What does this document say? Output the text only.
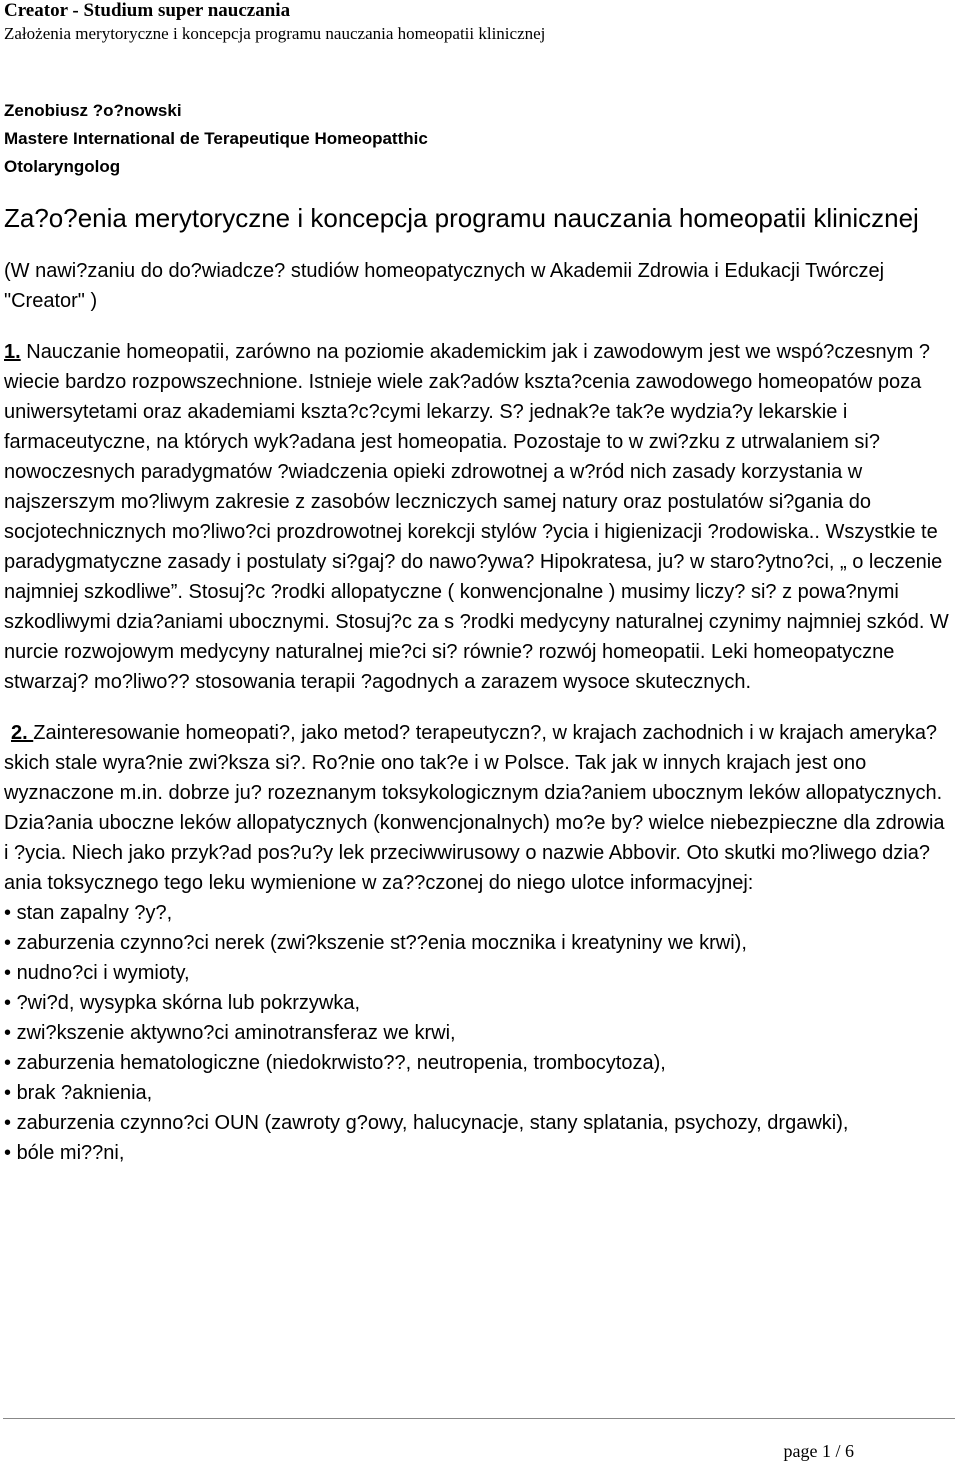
Creator - Studium super nauczania

Założenia merytoryczne i koncepcja programu nauczania homeopatii klinicznej

Zenobiusz ?o?nowski

Mastere International de Terapeutique Homeopatthic

Otolaryngolog

Za?o?enia merytoryczne i koncepcja programu nauczania homeopatii klinicznej

(W nawi?zaniu do do?wiadcze? studiów homeopatycznych w Akademii Zdrowia i Edukacji Twórczej "Creator" )

1. Nauczanie homeopatii, zarówno na poziomie akademickim jak i zawodowym jest we wspó?czesnym ?wiecie bardzo rozpowszechnione. Istnieje wiele zak?adów kszta?cenia zawodowego homeopatów poza uniwersytetami oraz akademiami kszta?c?cymi lekarzy. S? jednak?e tak?e wydzia?y lekarskie i farmaceutyczne, na których wyk?adana jest homeopatia. Pozostaje to w zwi?zku z utrwalaniem si? nowoczesnych paradygmatów ?wiadczenia opieki zdrowotnej a w?ród nich zasady korzystania w najszerszym mo?liwym zakresie z zasobów leczniczych samej natury oraz postulatów si?gania do socjotechnicznych mo?liwo?ci prozdrowotnej korekcji stylów ?ycia i higienizacji ?rodowiska.. Wszystkie te paradygmatyczne zasady i postulaty si?gaj? do nawo?ywa? Hipokratesa, ju? w staro?ytno?ci, „ o leczenie najmniej szkodliwe”. Stosuj?c ?rodki allopatyczne ( konwencjonalne ) musimy liczy? si? z powa?nymi szkodliwymi dzia?aniami ubocznymi. Stosuj?c za s ?rodki medycyny naturalnej czynimy najmniej szkód. W nurcie rozwojowym medycyny naturalnej mie?ci si? równie? rozwój homeopatii. Leki homeopatyczne stwarzaj? mo?liwo?? stosowania terapii ?agodnych a zarazem wysoce skutecznych.

2. Zainteresowanie homeopati?, jako metod? terapeutyczn?, w krajach zachodnich i w krajach ameryka?skich stale wyra?nie zwi?ksza si?. Ro?nie ono tak?e i w Polsce. Tak jak w innych krajach jest ono wyznaczone m.in. dobrze ju? rozeznanym toksykologicznym dzia?aniem ubocznym leków allopatycznych. Dzia?ania uboczne leków allopatycznych (konwencjonalnych) mo?e by? wielce niebezpieczne dla zdrowia i ?ycia. Niech jako przyk?ad pos?u?y lek przeciwwirusowy o nazwie Abbovir. Oto skutki mo?liwego dzia?ania toksycznego tego leku wymienione w za??czonej do niego ulotce informacyjnej:

• stan zapalny ?y?,
• zaburzenia czynno?ci nerek (zwi?kszenie st??enia mocznika i kreatyniny we krwi),
• nudno?ci i wymioty,
• ?wi?d, wysypka skórna lub pokrzywka,
• zwi?kszenie aktywno?ci aminotransferaz we krwi,
• zaburzenia hematologiczne (niedokrwisto??, neutropenia, trombocytoza),
• brak ?aknienia,
• zaburzenia czynno?ci OUN (zawroty g?owy, halucynacje, stany splatania, psychozy, drgawki),
• bóle mi??ni,
page 1 / 6
